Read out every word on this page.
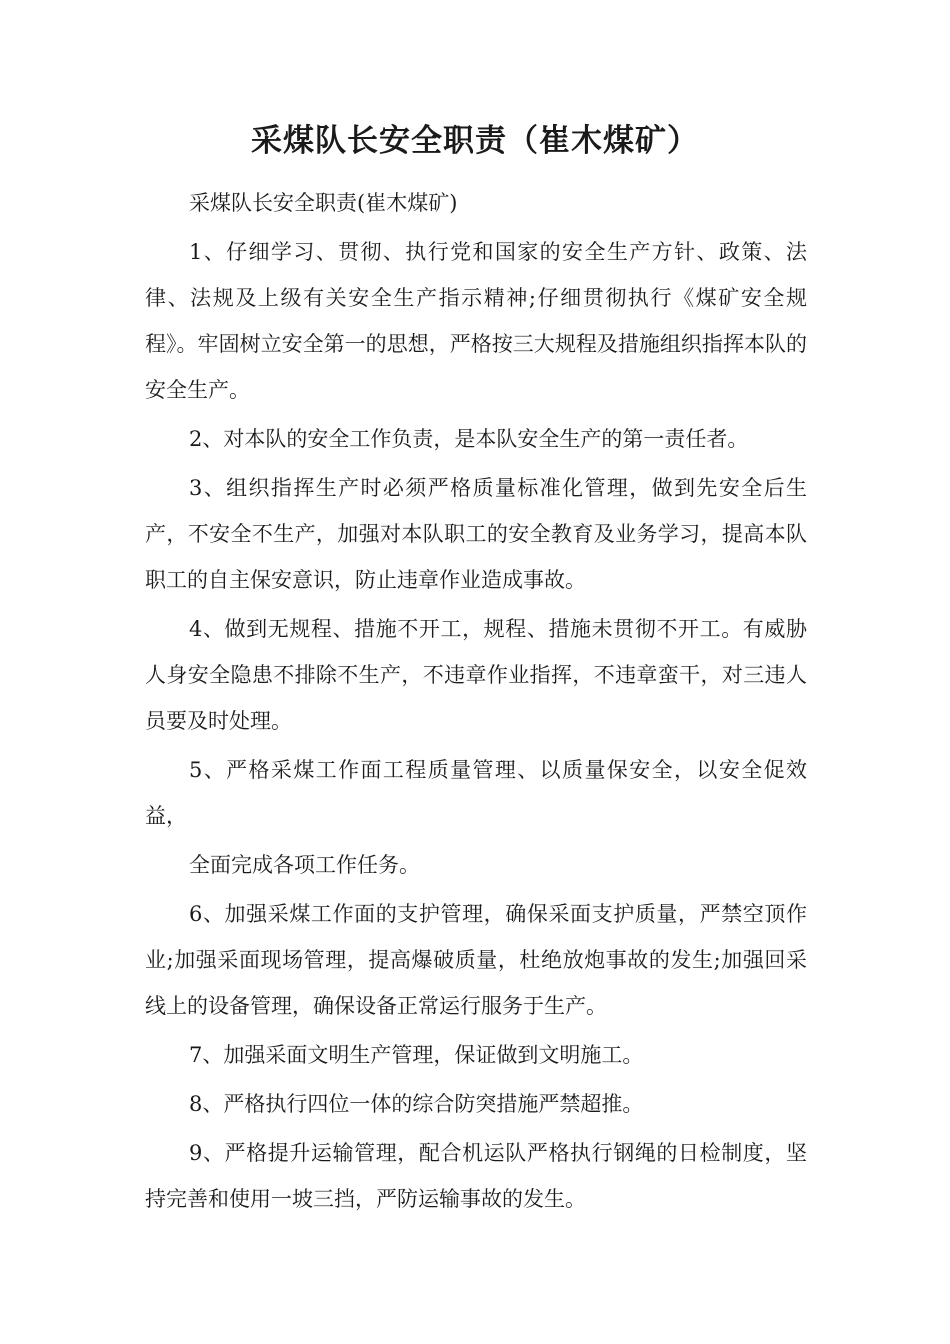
采煤队长安全职责（崔木煤矿）

采煤队长安全职责(崔木煤矿)

1、仔细学习、贯彻、执行党和国家的安全生产方针、政策、法律、法规及上级有关安全生产指示精神;仔细贯彻执行《煤矿安全规程》。牢固树立安全第一的思想，严格按三大规程及措施组织指挥本队的安全生产。

2、对本队的安全工作负责，是本队安全生产的第一责任者。

3、组织指挥生产时必须严格质量标准化管理，做到先安全后生产，不安全不生产，加强对本队职工的安全教育及业务学习，提高本队职工的自主保安意识，防止违章作业造成事故。

4、做到无规程、措施不开工，规程、措施未贯彻不开工。有威胁人身安全隐患不排除不生产，不违章作业指挥，不违章蛮干，对三违人员要及时处理。

5、严格采煤工作面工程质量管理、以质量保安全，以安全促效益，

全面完成各项工作任务。

6、加强采煤工作面的支护管理，确保采面支护质量，严禁空顶作业;加强采面现场管理，提高爆破质量，杜绝放炮事故的发生;加强回采线上的设备管理，确保设备正常运行服务于生产。

7、加强采面文明生产管理，保证做到文明施工。

8、严格执行四位一体的综合防突措施严禁超推。

9、严格提升运输管理，配合机运队严格执行钢绳的日检制度，坚持完善和使用一坡三挡，严防运输事故的发生。
